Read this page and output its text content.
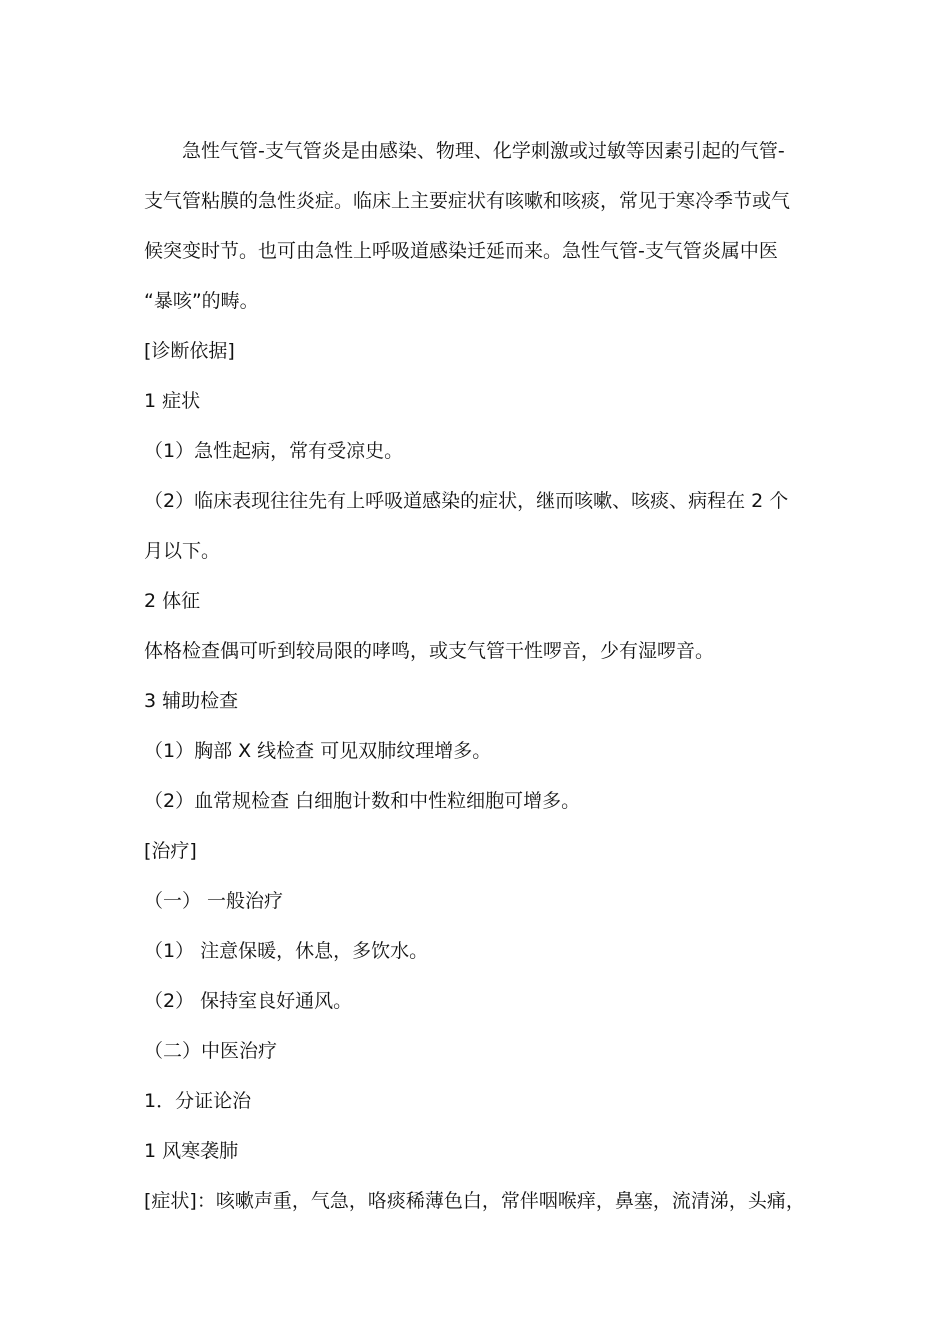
急性气管-支气管炎是由感染、物理、化学刺激或过敏等因素引起的气管-
支气管粘膜的急性炎症。临床上主要症状有咳嗽和咳痰，常见于寒冷季节或气
候突变时节。也可由急性上呼吸道感染迁延而来。急性气管-支气管炎属中医
“暴咳”的畴。
[诊断依据]
1 症状
（1）急性起病，常有受凉史。
（2）临床表现往往先有上呼吸道感染的症状，继而咳嗽、咳痰、病程在 2 个
月以下。
2 体征
体格检查偶可听到较局限的哮鸣，或支气管干性啰音，少有湿啰音。
3 辅助检查
（1）胸部 X 线检查 可见双肺纹理增多。
（2）血常规检查 白细胞计数和中性粒细胞可增多。
[治疗]
（一） 一般治疗
（1） 注意保暖，休息，多饮水。
（2） 保持室良好通风。
（二）中医治疗
1．分证论治
1 风寒袭肺
[症状]：咳嗽声重，气急，咯痰稀薄色白，常伴咽喉痒，鼻塞，流清涕，头痛，
